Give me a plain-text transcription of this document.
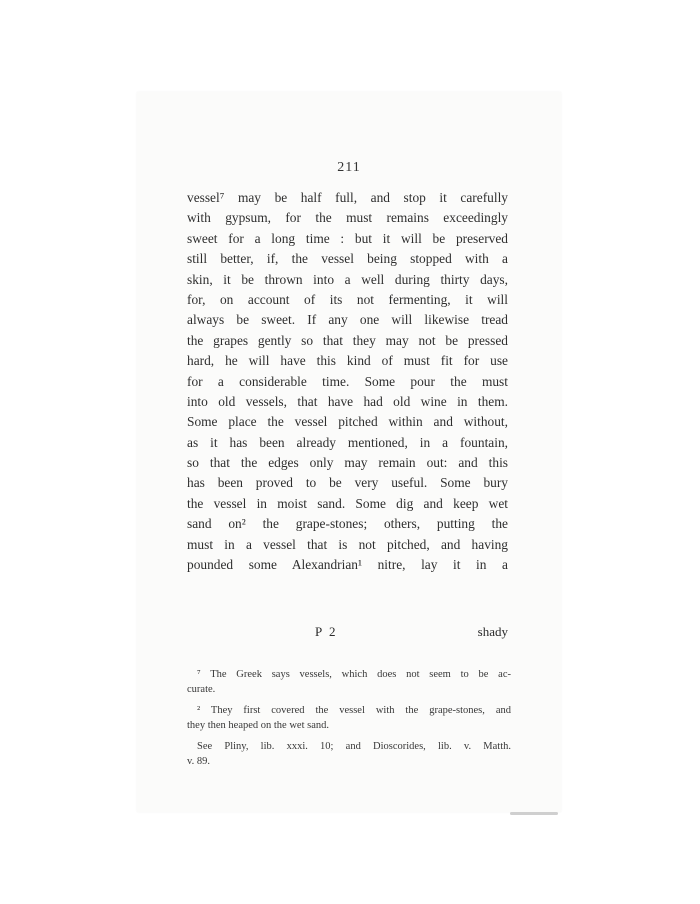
211
vessel⁷ may be half full, and stop it carefully
with gypsum, for the must remains exceedingly
sweet for a long time : but it will be preserved
still better, if, the vessel being stopped with a
skin, it be thrown into a well during thirty days,
for, on account of its not fermenting, it will
always be sweet. If any one will likewise tread
the grapes gently so that they may not be pressed
hard, he will have this kind of must fit for use
for a considerable time. Some pour the must
into old vessels, that have had old wine in them.
Some place the vessel pitched within and without,
as it has been already mentioned, in a fountain,
so that the edges only may remain out: and this
has been proved to be very useful. Some bury
the vessel in moist sand. Some dig and keep wet
sand on² the grape-stones; others, putting the
must in a vessel that is not pitched, and having
pounded some Alexandrian¹ nitre, lay it in a
P 2	shady
⁷ The Greek says vessels, which does not seem to be ac-
curate.
² They first covered the vessel with the grape-stones, and
they then heaped on the wet sand.
See Pliny, lib. xxxi. 10; and Dioscorides, lib. v. Matth.
v. 89.
